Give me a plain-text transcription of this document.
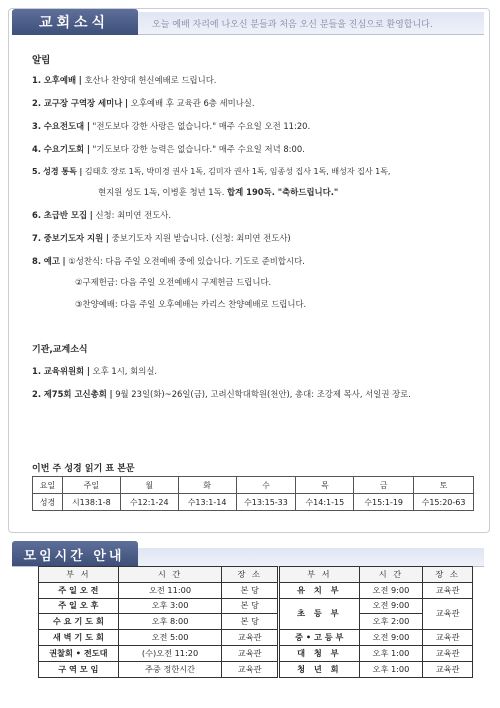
교회소식	오늘 예배 자리에 나오신 분들과 처음 오신 분들을 진심으로 환영합니다.
알림
1. 오후예배 | 호산나 찬양대 헌신예배로 드립니다.
2. 교구장 구역장 세미나 | 오후예배 후 교육관 6층 세미나실.
3. 수요전도대 | "전도보다 강한 사랑은 없습니다." 매주 수요일 오전 11:20.
4. 수요기도회 | "기도보다 강한 능력은 없습니다." 매주 수요일 저녁 8:00.
5. 성경 통독 | 김태호 장로 1독, 박미경 권사 1독, 김미자 권사 1독, 임종성 집사 1독, 배성자 집사 1독,
현지원 성도 1독, 이병훈 청년 1독. 합계 190독. "축하드립니다."
6. 초급반 모집 | 신청: 최미연 전도사.
7. 중보기도자 지원 | 중보기도자 지원 받습니다. (신청: 최미연 전도사)
8. 예고 | ①성찬식: 다음 주일 오전예배 중에 있습니다. 기도로 준비합시다.
②구제헌금: 다음 주일 오전예배시 구제헌금 드립니다.
③찬양예배: 다음 주일 오후예배는 카리스 찬양예배로 드립니다.
기관,교계소식
1. 교육위원회 | 오후 1시, 회의실.
2. 제75회 고신총회 | 9월 23일(화)~26일(금), 고려신학대학원(천안), 총대: 조강제 목사, 서일권 장로.
이번 주 성경 읽기 표 본문
요일	주일	월	화	수	목	금	토
성경	시138:1-8	수12:1-24	수13:1-14	수13:15-33	수14:1-15	수15:1-19	수15:20-63
모임시간 안내
부 서	시 간	장 소
주 일 오 전	오전 11:00	본 당
주 일 오 후	오후 3:00	본 당
수 요 기 도 회	오후 8:00	본 당
새 벽 기 도 회	오전 5:00	교육관
권찰회 • 전도대	(수)오전 11:20	교육관
구 역 모 임	주중 정한시간	교육관
부 서	시 간	장 소
유 치 부	오전 9:00	교육관
초 등 부	오전 9:00	교육관
	오후 2:00	
중 • 고 등 부	오전 9:00	교육관
대 청 부	오후 1:00	교육관
청 년 회	오후 1:00	교육관
